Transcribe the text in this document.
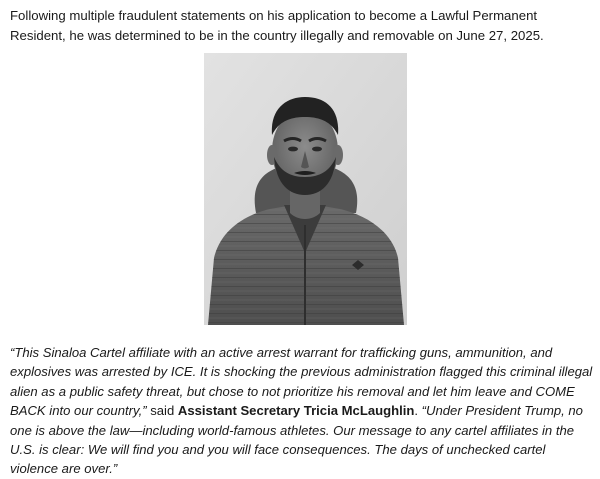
Following multiple fraudulent statements on his application to become a Lawful Permanent Resident, he was determined to be in the country illegally and removable on June 27, 2025.

“This Sinaloa Cartel affiliate with an active arrest warrant for trafficking guns, ammunition, and explosives was arrested by ICE. It is shocking the previous administration flagged this criminal illegal alien as a public safety threat, but chose to not prioritize his removal and let him leave and COME BACK into our country,” said Assistant Secretary Tricia McLaughlin. “Under President Trump, no one is above the law—including world-famous athletes. Our message to any cartel affiliates in the U.S. is clear: We will find you and you will face consequences. The days of unchecked cartel violence are over.”
